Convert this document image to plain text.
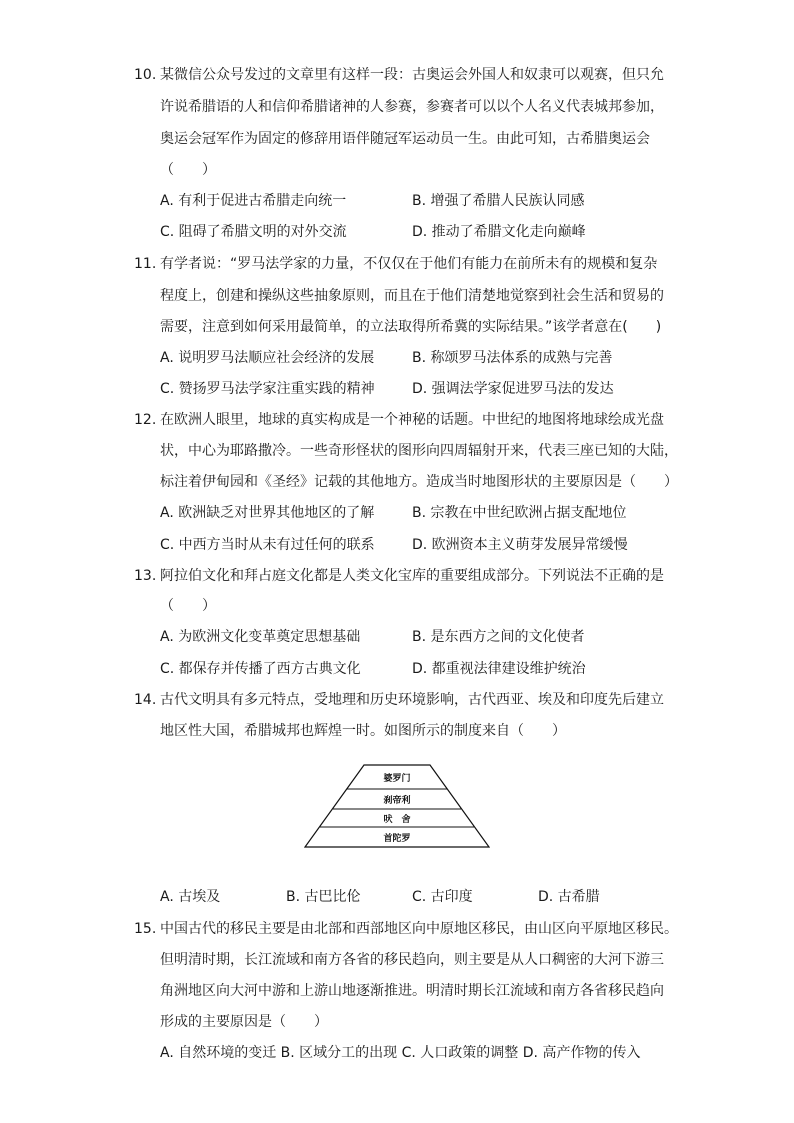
10. 某微信公众号发过的文章里有这样一段：古奥运会外国人和奴隶可以观赛，但只允
许说希腊语的人和信仰希腊诸神的人参赛，参赛者可以以个人名义代表城邦参加，
奥运会冠军作为固定的修辞用语伴随冠军运动员一生。由此可知，古希腊奥运会
（　　）
A. 有利于促进古希腊走向统一	B. 增强了希腊人民族认同感
C. 阻碍了希腊文明的对外交流	D. 推动了希腊文化走向巅峰
11. 有学者说：“罗马法学家的力量，不仅仅在于他们有能力在前所未有的规模和复杂
程度上，创建和操纵这些抽象原则，而且在于他们清楚地觉察到社会生活和贸易的
需要，注意到如何采用最简单，的立法取得所希冀的实际结果。”该学者意在(　　)
A. 说明罗马法顺应社会经济的发展	B. 称颂罗马法体系的成熟与完善
C. 赞扬罗马法学家注重实践的精神	D. 强调法学家促进罗马法的发达
12. 在欧洲人眼里，地球的真实构成是一个神秘的话题。中世纪的地图将地球绘成光盘
状，中心为耶路撒冷。一些奇形怪状的图形向四周辐射开来，代表三座已知的大陆，
标注着伊甸园和《圣经》记载的其他地方。造成当时地图形状的主要原因是（　　）
A. 欧洲缺乏对世界其他地区的了解	B. 宗教在中世纪欧洲占据支配地位
C. 中西方当时从未有过任何的联系	D. 欧洲资本主义萌芽发展异常缓慢
13. 阿拉伯文化和拜占庭文化都是人类文化宝库的重要组成部分。下列说法不正确的是
（　　）
A. 为欧洲文化变革奠定思想基础	B. 是东西方之间的文化使者
C. 都保存并传播了西方古典文化	D. 都重视法律建设维护统治
14. 古代文明具有多元特点，受地理和历史环境影响，古代西亚、埃及和印度先后建立
地区性大国，希腊城邦也辉煌一时。如图所示的制度来自（　　）
婆罗门
刹帝利
吠　舍
首陀罗
A. 古埃及	B. 古巴比伦	C. 古印度	D. 古希腊
15. 中国古代的移民主要是由北部和西部地区向中原地区移民，由山区向平原地区移民。
但明清时期，长江流域和南方各省的移民趋向，则主要是从人口稠密的大河下游三
角洲地区向大河中游和上游山地逐渐推进。明清时期长江流域和南方各省移民趋向
形成的主要原因是（　　）
A. 自然环境的变迁 B. 区域分工的出现 C. 人口政策的调整 D. 高产作物的传入
